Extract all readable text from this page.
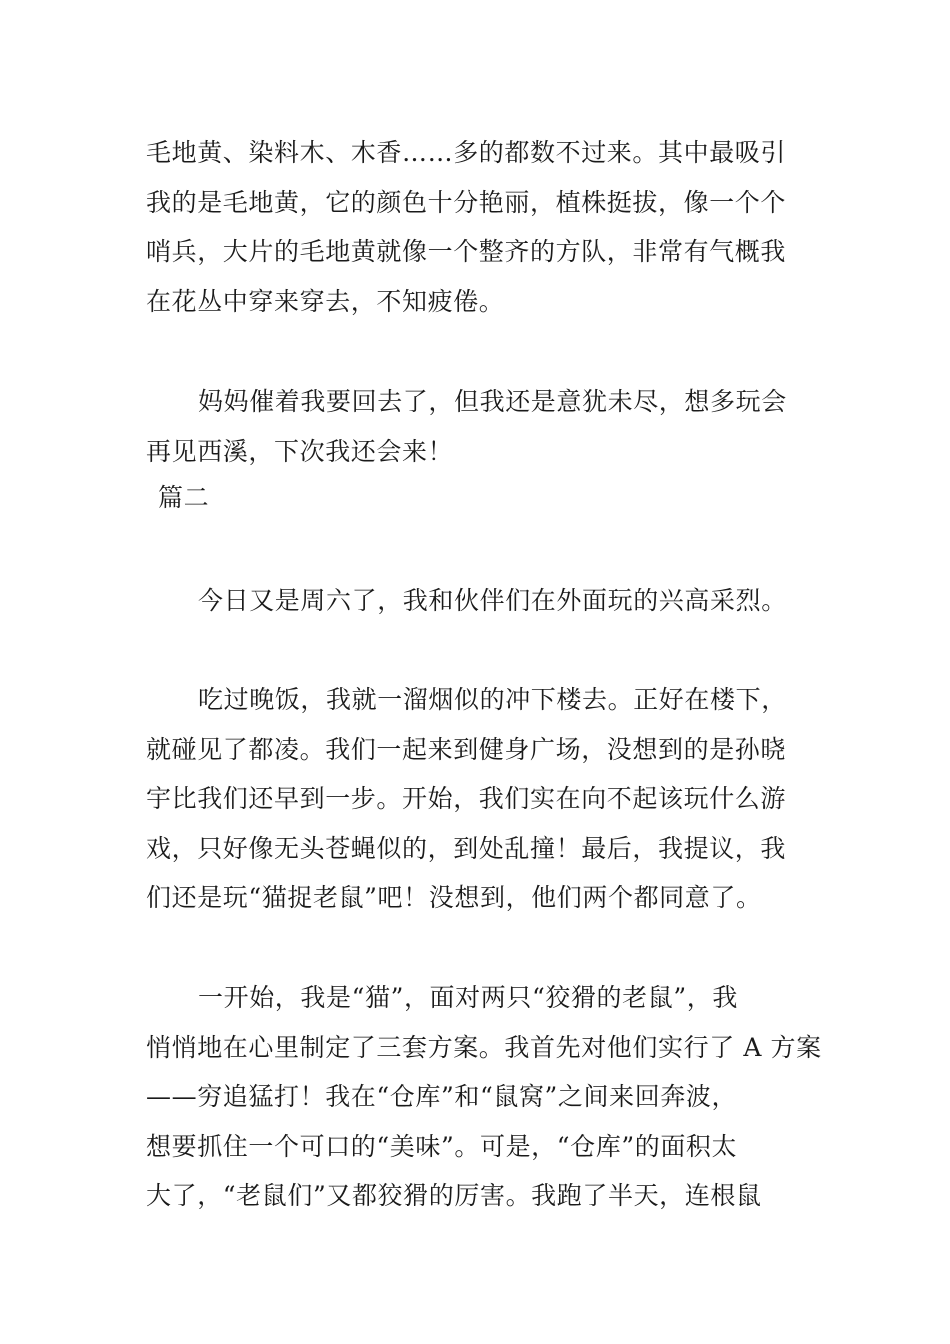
毛地黄、染料木、木香……多的都数不过来。其中最吸引
我的是毛地黄，它的颜色十分艳丽，植株挺拔，像一个个
哨兵，大片的毛地黄就像一个整齐的方队，非常有气概我
在花丛中穿来穿去，不知疲倦。
妈妈催着我要回去了，但我还是意犹未尽，想多玩会
再见西溪，下次我还会来！
篇二
今日又是周六了，我和伙伴们在外面玩的兴高采烈。
吃过晚饭，我就一溜烟似的冲下楼去。正好在楼下，
就碰见了都凌。我们一起来到健身广场，没想到的是孙晓
宇比我们还早到一步。开始，我们实在向不起该玩什么游
戏，只好像无头苍蝇似的，到处乱撞！最后，我提议，我
们还是玩“猫捉老鼠”吧！没想到，他们两个都同意了。
一开始，我是“猫”，面对两只“狡猾的老鼠”，我
悄悄地在心里制定了三套方案。我首先对他们实行了 A 方案
——穷追猛打！我在“仓库”和“鼠窝”之间来回奔波，
想要抓住一个可口的“美味”。可是，“仓库”的面积太
大了，“老鼠们”又都狡猾的厉害。我跑了半天，连根鼠
